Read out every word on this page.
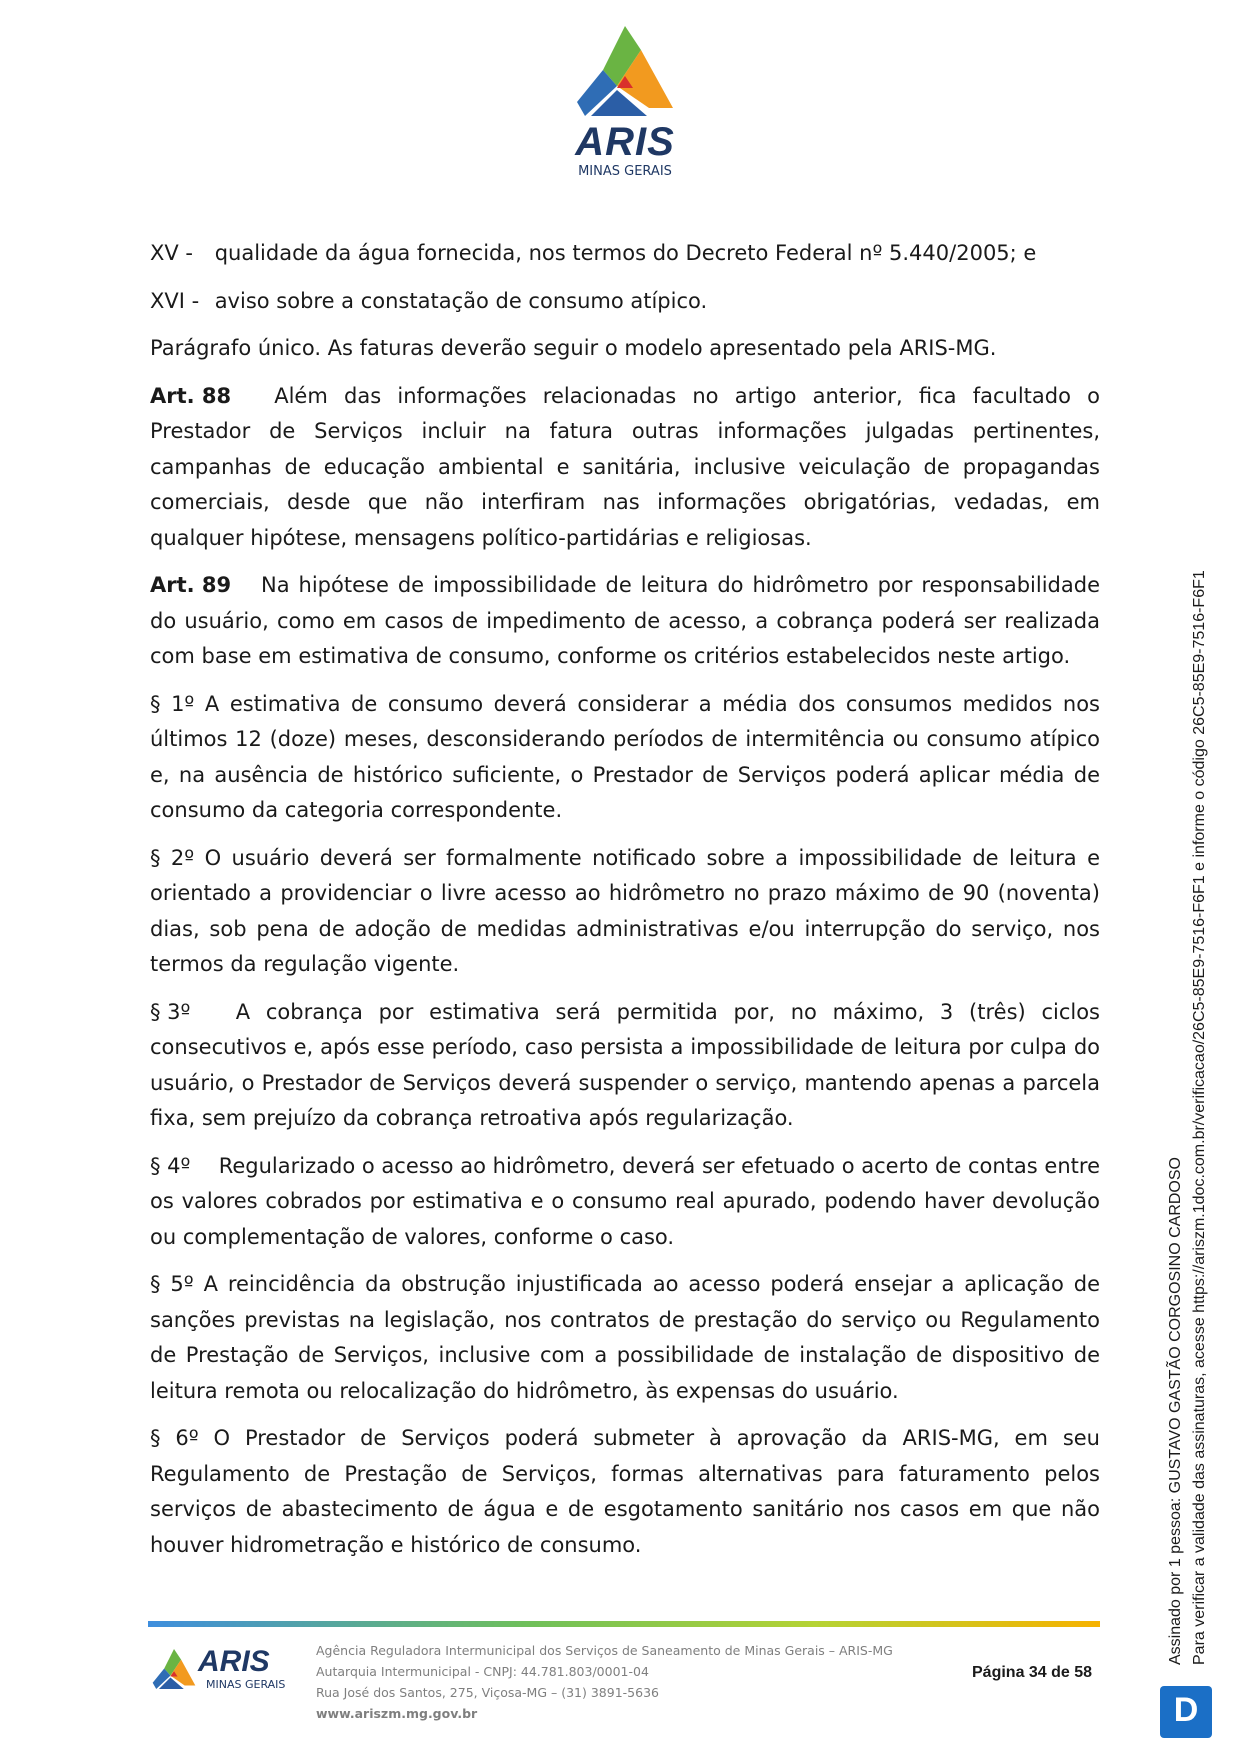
ARIS
MINAS GERAIS

XV - qualidade da água fornecida, nos termos do Decreto Federal nº 5.440/2005; e

XVI - aviso sobre a constatação de consumo atípico.

Parágrafo único. As faturas deverão seguir o modelo apresentado pela ARIS-MG.

Art. 88 Além das informações relacionadas no artigo anterior, fica facultado o Prestador de Serviços incluir na fatura outras informações julgadas pertinentes, campanhas de educação ambiental e sanitária, inclusive veiculação de propagandas comerciais, desde que não interfiram nas informações obrigatórias, vedadas, em qualquer hipótese, mensagens político-partidárias e religiosas.

Art. 89 Na hipótese de impossibilidade de leitura do hidrômetro por responsabilidade do usuário, como em casos de impedimento de acesso, a cobrança poderá ser realizada com base em estimativa de consumo, conforme os critérios estabelecidos neste artigo.

§ 1º A estimativa de consumo deverá considerar a média dos consumos medidos nos últimos 12 (doze) meses, desconsiderando períodos de intermitência ou consumo atípico e, na ausência de histórico suficiente, o Prestador de Serviços poderá aplicar média de consumo da categoria correspondente.

§ 2º O usuário deverá ser formalmente notificado sobre a impossibilidade de leitura e orientado a providenciar o livre acesso ao hidrômetro no prazo máximo de 90 (noventa) dias, sob pena de adoção de medidas administrativas e/ou interrupção do serviço, nos termos da regulação vigente.

§ 3º A cobrança por estimativa será permitida por, no máximo, 3 (três) ciclos consecutivos e, após esse período, caso persista a impossibilidade de leitura por culpa do usuário, o Prestador de Serviços deverá suspender o serviço, mantendo apenas a parcela fixa, sem prejuízo da cobrança retroativa após regularização.

§ 4º Regularizado o acesso ao hidrômetro, deverá ser efetuado o acerto de contas entre os valores cobrados por estimativa e o consumo real apurado, podendo haver devolução ou complementação de valores, conforme o caso.

§ 5º A reincidência da obstrução injustificada ao acesso poderá ensejar a aplicação de sanções previstas na legislação, nos contratos de prestação do serviço ou Regulamento de Prestação de Serviços, inclusive com a possibilidade de instalação de dispositivo de leitura remota ou relocalização do hidrômetro, às expensas do usuário.

§ 6º O Prestador de Serviços poderá submeter à aprovação da ARIS-MG, em seu Regulamento de Prestação de Serviços, formas alternativas para faturamento pelos serviços de abastecimento de água e de esgotamento sanitário nos casos em que não houver hidrometração e histórico de consumo.

ARIS
MINAS GERAIS
Agência Reguladora Intermunicipal dos Serviços de Saneamento de Minas Gerais – ARIS-MG
Autarquia Intermunicipal - CNPJ: 44.781.803/0001-04
Rua José dos Santos, 275, Viçosa-MG – (31) 3891-5636
www.ariszm.mg.gov.br
Página 34 de 58
Assinado por 1 pessoa: GUSTAVO GASTÃO CORGOSINO CARDOSO Para verificar a validade das assinaturas, acesse https://ariszm.1doc.com.br/verificacao/26C5-85E9-7516-F6F1 e informe o código 26C5-85E9-7516-F6F1
D
